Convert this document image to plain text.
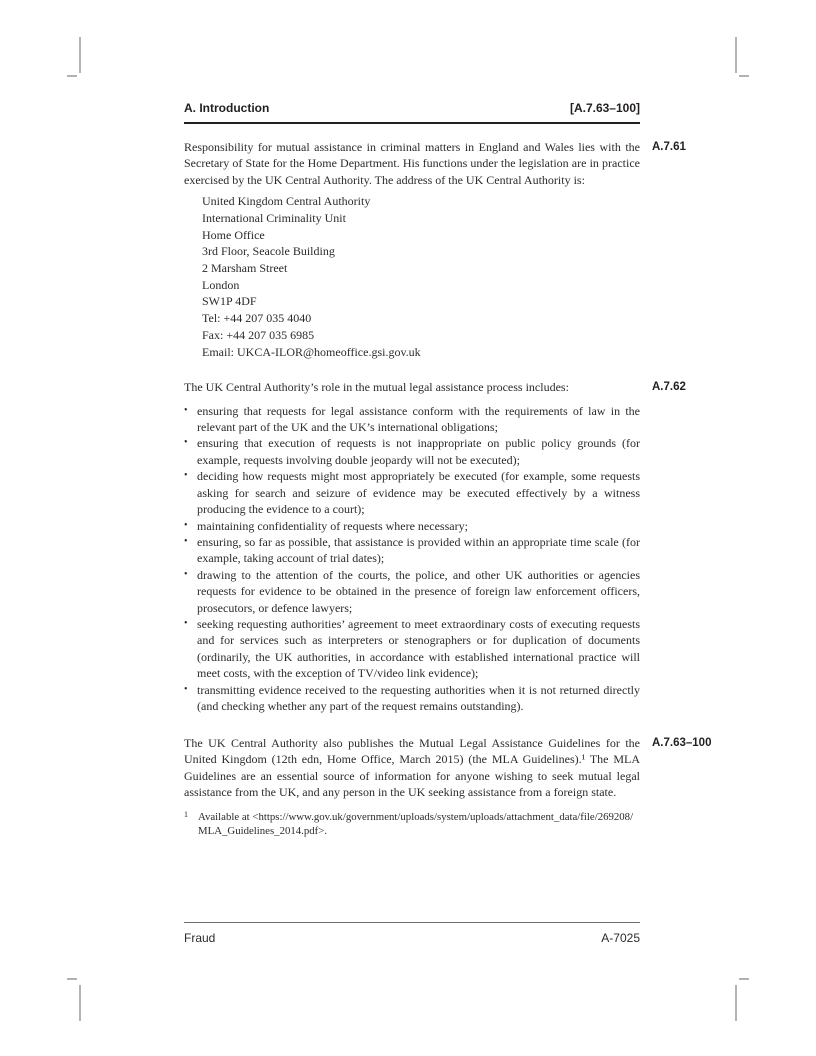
A. Introduction	[A.7.63–100]
Responsibility for mutual assistance in criminal matters in England and Wales lies with the Secretary of State for the Home Department. His functions under the legislation are in practice exercised by the UK Central Authority. The address of the UK Central Authority is:
A.7.61
United Kingdom Central Authority
International Criminality Unit
Home Office
3rd Floor, Seacole Building
2 Marsham Street
London
SW1P 4DF
Tel: +44 207 035 4040
Fax: +44 207 035 6985
Email: UKCA-ILOR@homeoffice.gsi.gov.uk
The UK Central Authority’s role in the mutual legal assistance process includes:	A.7.62
• ensuring that requests for legal assistance conform with the requirements of law in the relevant part of the UK and the UK’s international obligations;
• ensuring that execution of requests is not inappropriate on public policy grounds (for example, requests involving double jeopardy will not be executed);
• deciding how requests might most appropriately be executed (for example, some requests asking for search and seizure of evidence may be executed effectively by a witness producing the evidence to a court);
• maintaining confidentiality of requests where necessary;
• ensuring, so far as possible, that assistance is provided within an appropriate time scale (for example, taking account of trial dates);
• drawing to the attention of the courts, the police, and other UK authorities or agencies requests for evidence to be obtained in the presence of foreign law enforcement officers, prosecutors, or defence lawyers;
• seeking requesting authorities’ agreement to meet extraordinary costs of executing requests and for services such as interpreters or stenographers or for duplication of documents (ordinarily, the UK authorities, in accordance with established international practice will meet costs, with the exception of TV/video link evidence);
• transmitting evidence received to the requesting authorities when it is not returned directly (and checking whether any part of the request remains outstanding).
The UK Central Authority also publishes the Mutual Legal Assistance Guidelines for the United Kingdom (12th edn, Home Office, March 2015) (the MLA Guidelines).¹ The MLA Guidelines are an essential source of information for anyone wishing to seek mutual legal assistance from the UK, and any person in the UK seeking assistance from a foreign state.
A.7.63–100
1 Available at <https://www.gov.uk/government/uploads/system/uploads/attachment_data/file/269208/MLA_Guidelines_2014.pdf>.
Fraud	A-7025
